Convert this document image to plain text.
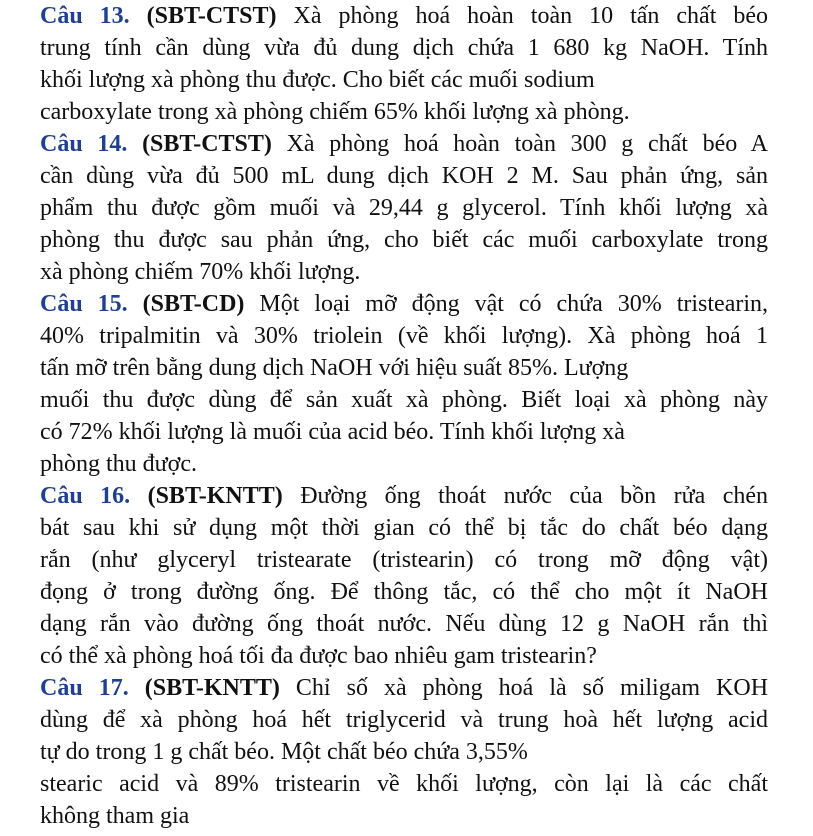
Câu 13. (SBT-CTST) Xà phòng hoá hoàn toàn 10 tấn chất béo
trung tính cần dùng vừa đủ dung dịch chứa 1 680 kg NaOH. Tính
khối lượng xà phòng thu được. Cho biết các muối sodium
carboxylate trong xà phòng chiếm 65% khối lượng xà phòng.
Câu 14. (SBT-CTST) Xà phòng hoá hoàn toàn 300 g chất béo A
cần dùng vừa đủ 500 mL dung dịch KOH 2 M. Sau phản ứng, sản
phẩm thu được gồm muối và 29,44 g glycerol. Tính khối lượng xà
phòng thu được sau phản ứng, cho biết các muối carboxylate trong
xà phòng chiếm 70% khối lượng.
Câu 15. (SBT-CD) Một loại mỡ động vật có chứa 30% tristearin,
40% tripalmitin và 30% triolein (về khối lượng). Xà phòng hoá 1
tấn mỡ trên bằng dung dịch NaOH với hiệu suất 85%. Lượng
muối thu được dùng để sản xuất xà phòng. Biết loại xà phòng này
có 72% khối lượng là muối của acid béo. Tính khối lượng xà
phòng thu được.
Câu 16. (SBT-KNTT) Đường ống thoát nước của bồn rửa chén
bát sau khi sử dụng một thời gian có thể bị tắc do chất béo dạng
rắn (như glyceryl tristearate (tristearin) có trong mỡ động vật)
đọng ở trong đường ống. Để thông tắc, có thể cho một ít NaOH
dạng rắn vào đường ống thoát nước. Nếu dùng 12 g NaOH rắn thì
có thể xà phòng hoá tối đa được bao nhiêu gam tristearin?
Câu 17. (SBT-KNTT) Chỉ số xà phòng hoá là số miligam KOH
dùng để xà phòng hoá hết triglycerid và trung hoà hết lượng acid
tự do trong 1 g chất béo. Một chất béo chứa 3,55%
stearic acid và 89% tristearin về khối lượng, còn lại là các chất
không tham gia
